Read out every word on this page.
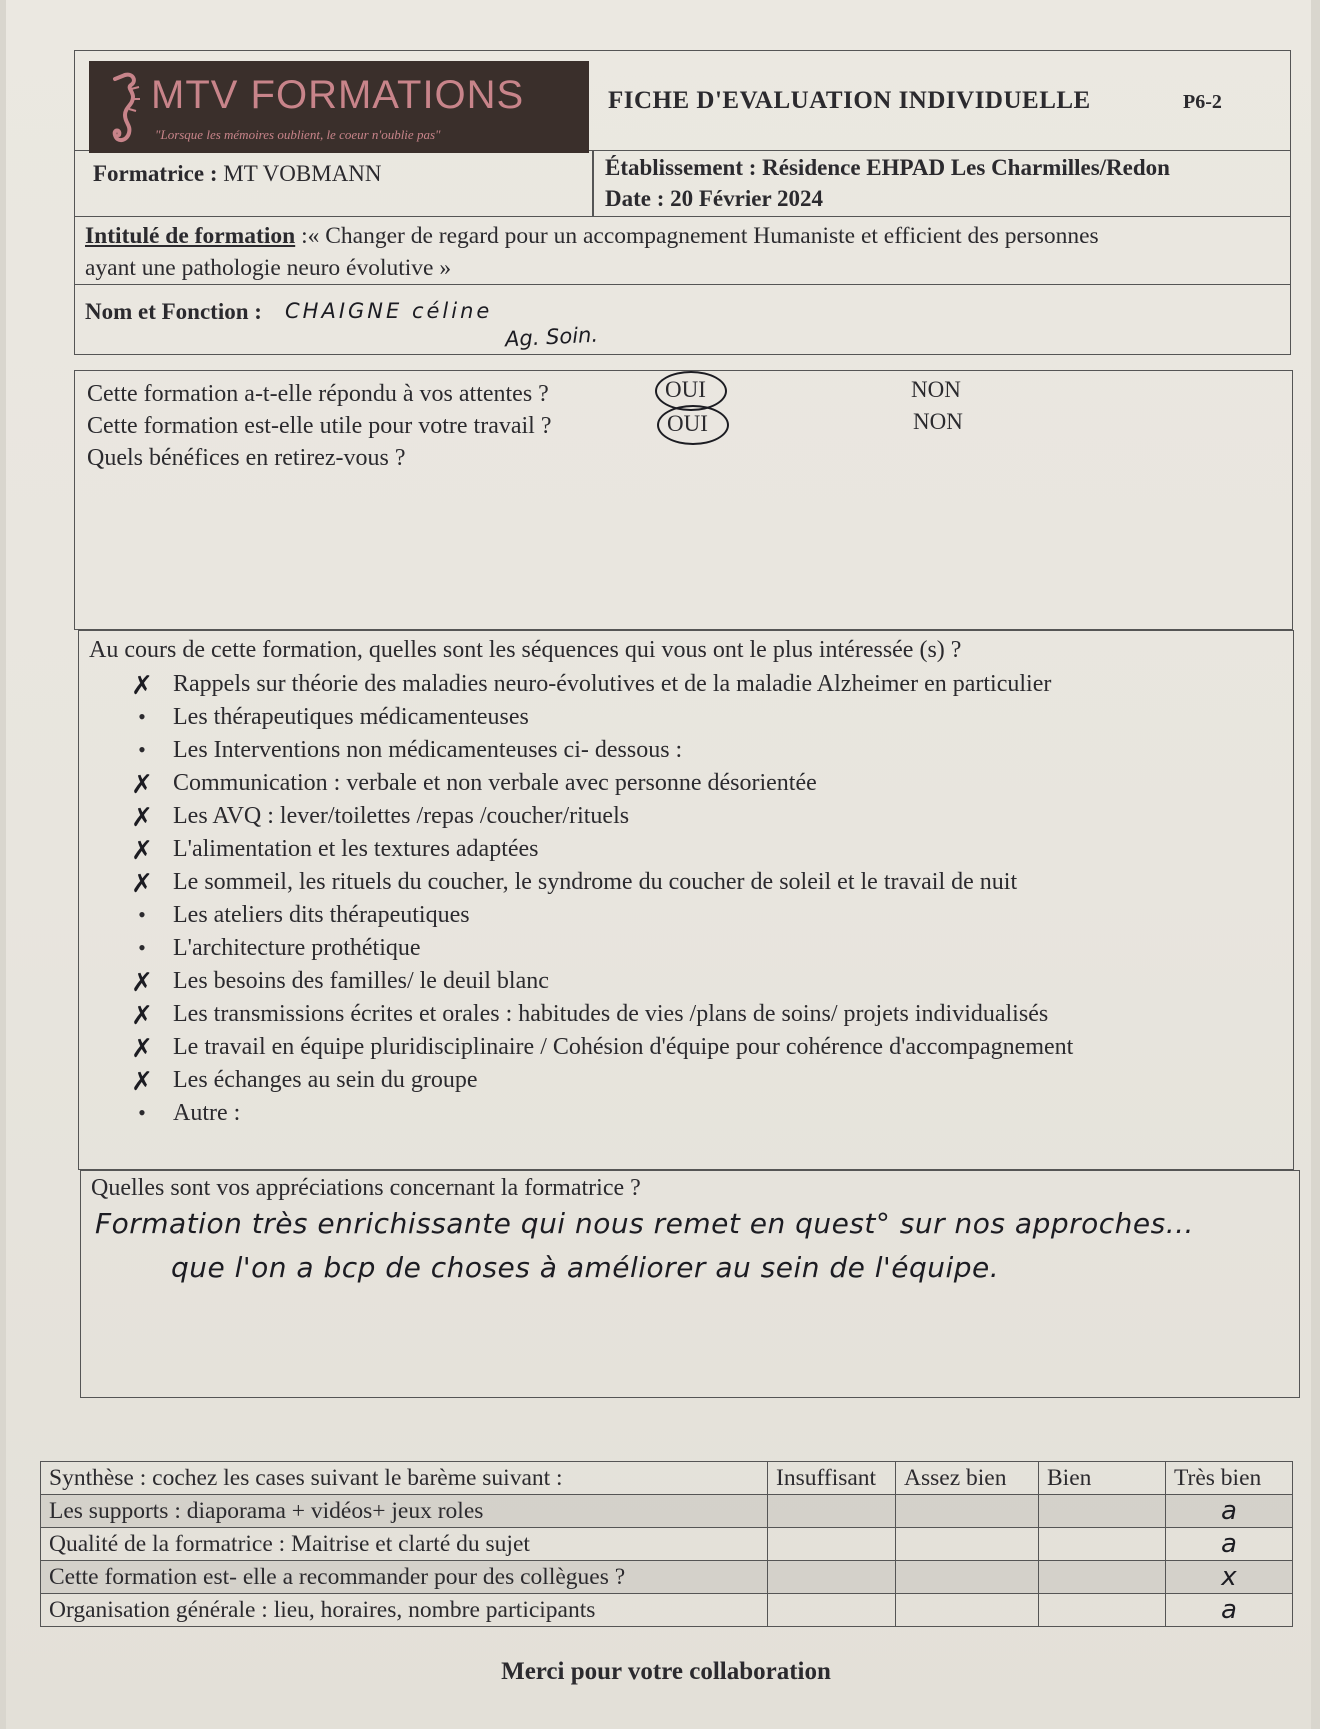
MTV FORMATIONS
"Lorsque les mémoires oublient, le coeur n'oublie pas"
FICHE D'EVALUATION INDIVIDUELLE	P6-2
Formatrice : MT VOBMANN	Établissement : Résidence EHPAD Les Charmilles/Redon
Date : 20 Février 2024
Intitulé de formation :« Changer de regard pour un accompagnement Humaniste et efficient des personnes
ayant une pathologie neuro évolutive »
Nom et Fonction : CHAIGNE céline
Ag. Soin.
Cette formation a-t-elle répondu à vos attentes ?
Cette formation est-elle utile pour votre travail ?
Quels bénéfices en retirez-vous ?
OUI	NON
OUI	NON
Au cours de cette formation, quelles sont les séquences qui vous ont le plus intéressée (s) ?
✗ Rappels sur théorie des maladies neuro-évolutives et de la maladie Alzheimer en particulier
•
Les thérapeutiques médicamenteuses
•
Les Interventions non médicamenteuses ci- dessous :
✗ Communication : verbale et non verbale avec personne désorientée
✗ Les AVQ : lever/toilettes /repas /coucher/rituels
✗ L'alimentation et les textures adaptées
✗ Le sommeil, les rituels du coucher, le syndrome du coucher de soleil et le travail de nuit
•
Les ateliers dits thérapeutiques
•
L'architecture prothétique
✗ Les besoins des familles/ le deuil blanc
✗ Les transmissions écrites et orales : habitudes de vies /plans de soins/ projets individualisés
✗ Le travail en équipe pluridisciplinaire / Cohésion d'équipe pour cohérence d'accompagnement
✗ Les échanges au sein du groupe
•
Autre :
Quelles sont vos appréciations concernant la formatrice ?
Formation très enrichissante qui nous remet en quest° sur nos approches...
que l'on a bcp de choses à améliorer au sein de l'équipe.
Synthèse : cochez les cases suivant le barème suivant :	Insuffisant	Assez bien	Bien	Très bien
Les supports : diaporama + vidéos+ jeux roles				a
Qualité de la formatrice : Maitrise et clarté du sujet				a
Cette formation est- elle a recommander pour des collègues ?				x
Organisation générale : lieu, horaires, nombre participants				a
Merci pour votre collaboration
